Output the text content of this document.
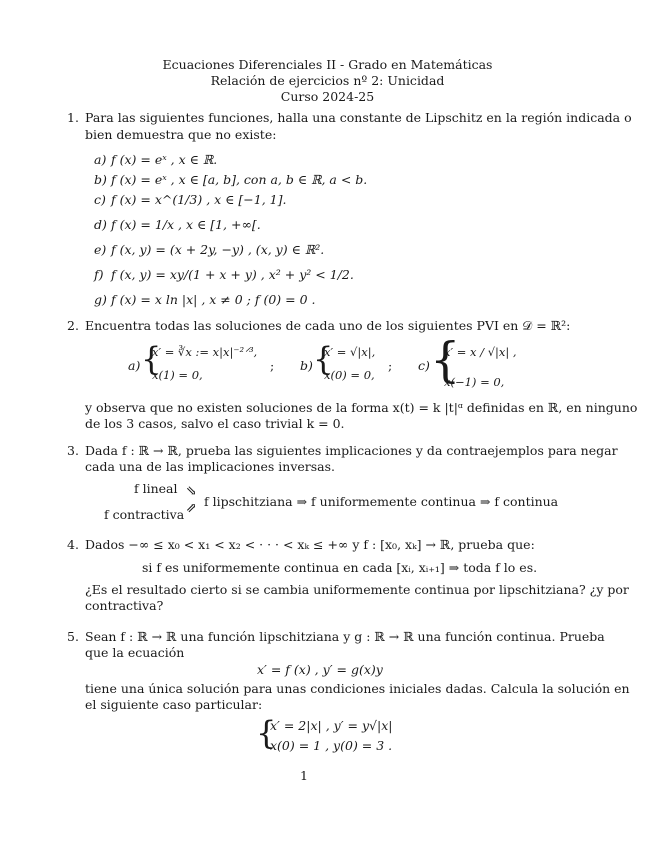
Ecuaciones Diferenciales II - Grado en Matemáticas
Relación de ejercicios nº 2: Unicidad
Curso 2024-25
1. Para las siguientes funciones, halla una constante de Lipschitz en la región indicada o
bien demuestra que no existe:
a) f (x) = eˣ , x ∈ ℝ.
b) f (x) = eˣ , x ∈ [a, b], con a, b ∈ ℝ, a < b.
c) f (x) = x^(1/3) , x ∈ [−1, 1].
d) f (x) = 1/x , x ∈ [1, +∞[.
e) f (x, y) = (x + 2y, −y) , (x, y) ∈ ℝ².
f) f (x, y) = xy/(1 + x + y) , x² + y² < 1/2.
g) f (x) = x ln |x| , x ≠ 0 ; f (0) = 0 .
2. Encuentra todas las soluciones de cada uno de los siguientes PVI en 𝒟 = ℝ²:
a) {
x′ = ∛x := x|x|⁻²ᐟ³,
x(1) = 0,
; b) {
x′ = √|x|,
x(0) = 0,
; c) {
x′ = x / √|x| ,
x(−1) = 0,
y observa que no existen soluciones de la forma x(t) = k |t|ᵅ definidas en ℝ, en ninguno
de los 3 casos, salvo el caso trivial k = 0.
3. Dada f : ℝ → ℝ, prueba las siguientes implicaciones y da contraejemplos para negar
cada una de las implicaciones inversas.
f lineal ⇘
f contractiva ⇗ f lipschitziana ⇒ f uniformemente continua ⇒ f continua
4. Dados −∞ ≤ x₀ < x₁ < x₂ < · · · < xₖ ≤ +∞ y f : [x₀, xₖ] → ℝ, prueba que:
si f es uniformemente continua en cada [xᵢ, xᵢ₊₁] ⇒ toda f lo es.
¿Es el resultado cierto si se cambia uniformemente continua por lipschitziana? ¿y por
contractiva?
5. Sean f : ℝ → ℝ una función lipschitziana y g : ℝ → ℝ una función continua. Prueba
que la ecuación
x′ = f (x) , y′ = g(x)y
tiene una única solución para unas condiciones iniciales dadas. Calcula la solución en
el siguiente caso particular:
{
x′ = 2|x| , y′ = y√|x|
x(0) = 1 , y(0) = 3 .
1
